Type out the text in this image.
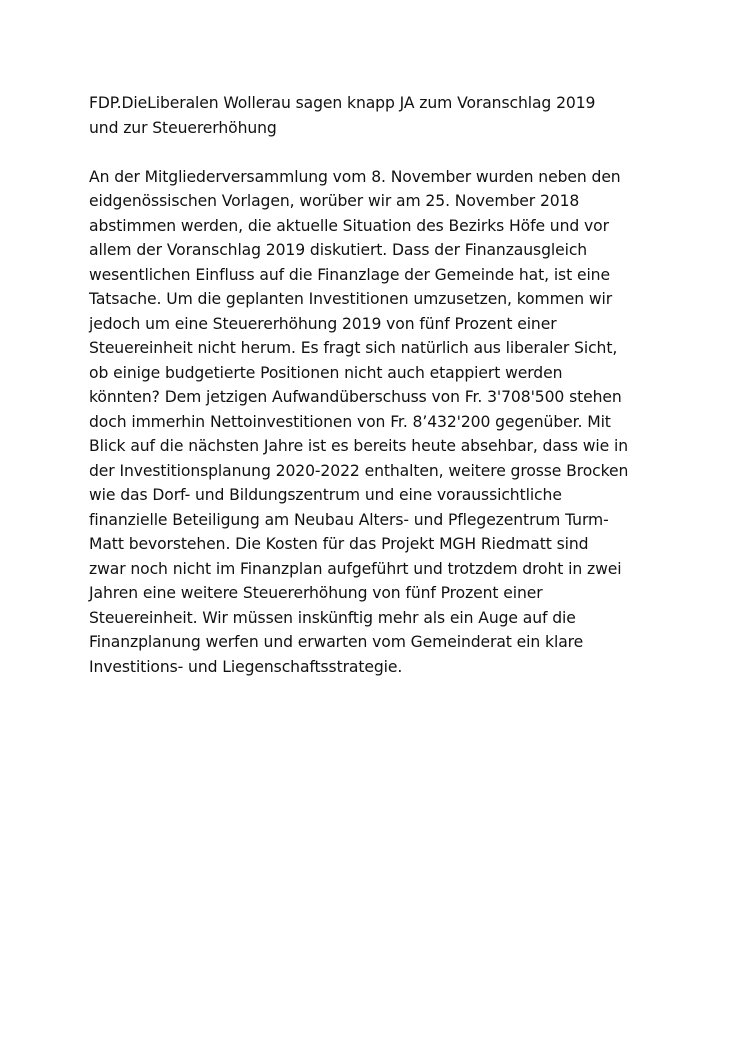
FDP.DieLiberalen Wollerau sagen knapp JA zum Voranschlag 2019
und zur Steuererhöhung
An der Mitgliederversammlung vom 8. November wurden neben den
eidgenössischen Vorlagen, worüber wir am 25. November 2018
abstimmen werden, die aktuelle Situation des Bezirks Höfe und vor
allem der Voranschlag 2019 diskutiert. Dass der Finanzausgleich
wesentlichen Einfluss auf die Finanzlage der Gemeinde hat, ist eine
Tatsache. Um die geplanten Investitionen umzusetzen, kommen wir
jedoch um eine Steuererhöhung 2019 von fünf Prozent einer
Steuereinheit nicht herum. Es fragt sich natürlich aus liberaler Sicht,
ob einige budgetierte Positionen nicht auch etappiert werden
könnten? Dem jetzigen Aufwandüberschuss von Fr. 3'708'500 stehen
doch immerhin Nettoinvestitionen von Fr. 8’432'200 gegenüber. Mit
Blick auf die nächsten Jahre ist es bereits heute absehbar, dass wie in
der Investitionsplanung 2020-2022 enthalten, weitere grosse Brocken
wie das Dorf- und Bildungszentrum und eine voraussichtliche
finanzielle Beteiligung am Neubau Alters- und Pflegezentrum Turm-
Matt bevorstehen. Die Kosten für das Projekt MGH Riedmatt sind
zwar noch nicht im Finanzplan aufgeführt und trotzdem droht in zwei
Jahren eine weitere Steuererhöhung von fünf Prozent einer
Steuereinheit. Wir müssen inskünftig mehr als ein Auge auf die
Finanzplanung werfen und erwarten vom Gemeinderat ein klare
Investitions- und Liegenschaftsstrategie.
